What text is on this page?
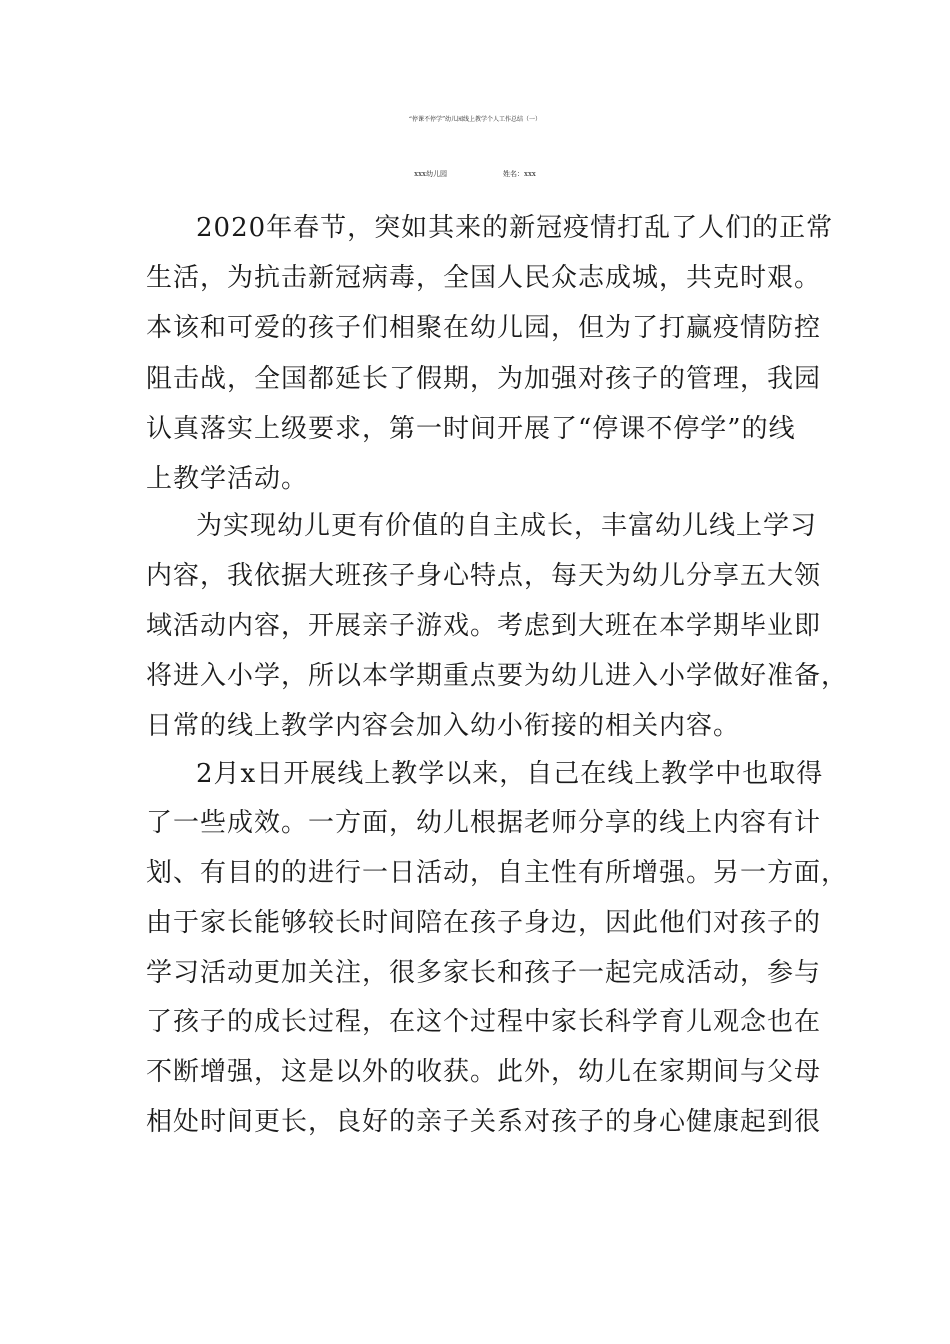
“停课不停学”幼儿园线上教学个人工作总结（一）
xxx幼儿园	姓名：xxx
2020年春节，突如其来的新冠疫情打乱了人们的正常
生活，为抗击新冠病毒，全国人民众志成城，共克时艰。
本该和可爱的孩子们相聚在幼儿园，但为了打赢疫情防控
阻击战，全国都延长了假期，为加强对孩子的管理，我园
认真落实上级要求，第一时间开展了“停课不停学”的线
上教学活动。
为实现幼儿更有价值的自主成长，丰富幼儿线上学习
内容，我依据大班孩子身心特点，每天为幼儿分享五大领
域活动内容，开展亲子游戏。考虑到大班在本学期毕业即
将进入小学，所以本学期重点要为幼儿进入小学做好准备，
日常的线上教学内容会加入幼小衔接的相关内容。
2月x日开展线上教学以来，自己在线上教学中也取得
了一些成效。一方面，幼儿根据老师分享的线上内容有计
划、有目的的进行一日活动，自主性有所增强。另一方面，
由于家长能够较长时间陪在孩子身边，因此他们对孩子的
学习活动更加关注，很多家长和孩子一起完成活动，参与
了孩子的成长过程，在这个过程中家长科学育儿观念也在
不断增强，这是以外的收获。此外，幼儿在家期间与父母
相处时间更长，良好的亲子关系对孩子的身心健康起到很
